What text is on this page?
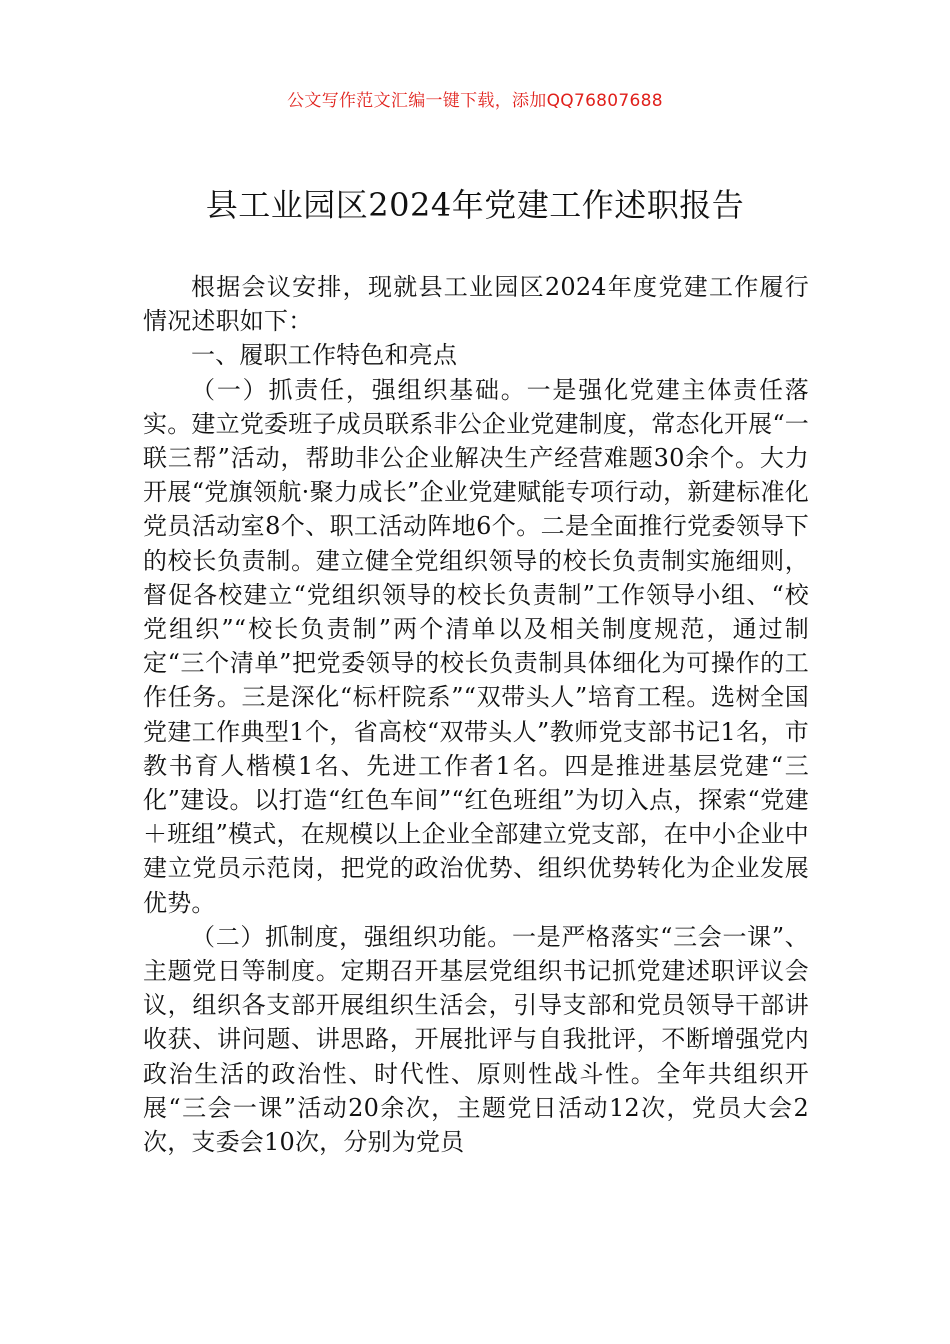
公文写作范文汇编一键下载，添加QQ76807688
县工业园区2024年党建工作述职报告

根据会议安排，现就县工业园区2024年度党建工作履行情况述职如下：

一、履职工作特色和亮点

（一）抓责任，强组织基础。一是强化党建主体责任落实。建立党委班子成员联系非公企业党建制度，常态化开展“一联三帮”活动，帮助非公企业解决生产经营难题30余个。大力开展“党旗领航·聚力成长”企业党建赋能专项行动，新建标准化党员活动室8个、职工活动阵地6个。二是全面推行党委领导下的校长负责制。建立健全党组织领导的校长负责制实施细则，督促各校建立“党组织领导的校长负责制”工作领导小组、“校党组织”“校长负责制”两个清单以及相关制度规范，通过制定“三个清单”把党委领导的校长负责制具体细化为可操作的工作任务。三是深化“标杆院系”“双带头人”培育工程。选树全国党建工作典型1个，省高校“双带头人”教师党支部书记1名，市教书育人楷模1名、先进工作者1名。四是推进基层党建“三化”建设。以打造“红色车间”“红色班组”为切入点，探索“党建＋班组”模式，在规模以上企业全部建立党支部，在中小企业中建立党员示范岗，把党的政治优势、组织优势转化为企业发展优势。

（二）抓制度，强组织功能。一是严格落实“三会一课”、主题党日等制度。定期召开基层党组织书记抓党建述职评议会议，组织各支部开展组织生活会，引导支部和党员领导干部讲收获、讲问题、讲思路，开展批评与自我批评，不断增强党内政治生活的政治性、时代性、原则性战斗性。全年共组织开展“三会一课”活动20余次，主题党日活动12次，党员大会2次，支委会10次，分别为党员
